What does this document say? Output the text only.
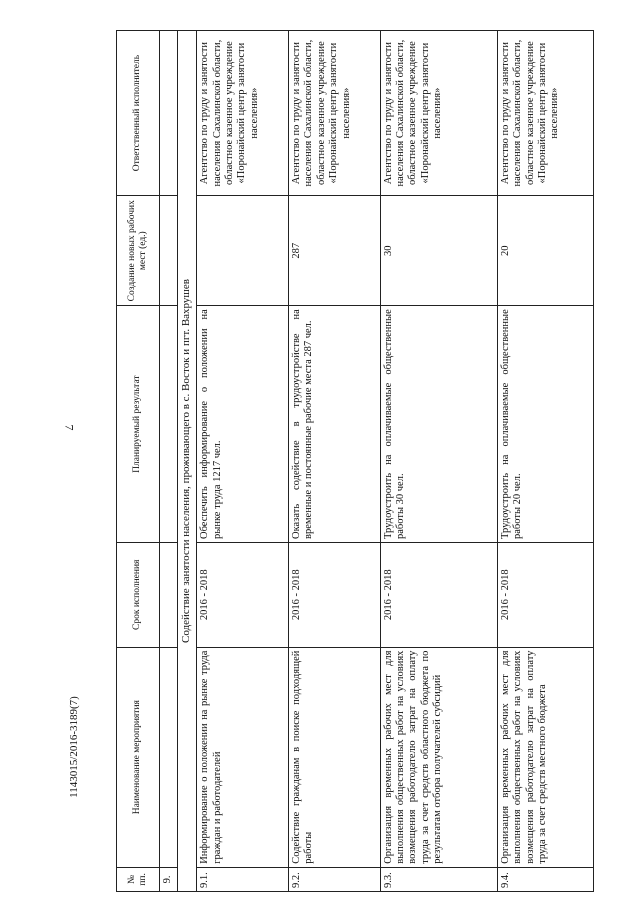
7
1143015/2016-3189(7)
№ пп.	Наименование мероприятия	Срок исполнения	Планируемый результат	Создание новых рабочих мест (ед.)	Ответственный исполнитель
9.					
Содействие занятости населения, проживающего в с. Восток и пгт. Вахрушев					
9.1.	Информирование о положении на рынке труда граждан и работодателей	2016 - 2018	Обеспечить информирование о положении на рынке труда 1217 чел.		Агентство по труду и занятости населения Сахалинской области, областное казенное учреждение «Поронайский центр занятости населения»
9.2.	Содействие гражданам в поиске подходящей работы	2016 - 2018	Оказать содействие в трудоустройстве на временные и постоянные рабочие места 287 чел.	287	Агентство по труду и занятости населения Сахалинской области, областное казенное учреждение «Поронайский центр занятости населения»
9.3.	Организация временных рабочих мест для выполнения общественных работ на условиях возмещения работодателю затрат на оплату труда за счет средств областного бюджета по результатам отбора получателей субсидий	2016 - 2018	Трудоустроить на оплачиваемые общественные работы 30 чел.	30	Агентство по труду и занятости населения Сахалинской области, областное казенное учреждение «Поронайский центр занятости населения»
9.4.	Организация временных рабочих мест для выполнения общественных работ на условиях возмещения работодателю затрат на оплату труда за счет средств местного бюджета	2016 - 2018	Трудоустроить на оплачиваемые общественные работы 20 чел.	20	Агентство по труду и занятости населения Сахалинской области, областное казенное учреждение «Поронайский центр занятости населения»
